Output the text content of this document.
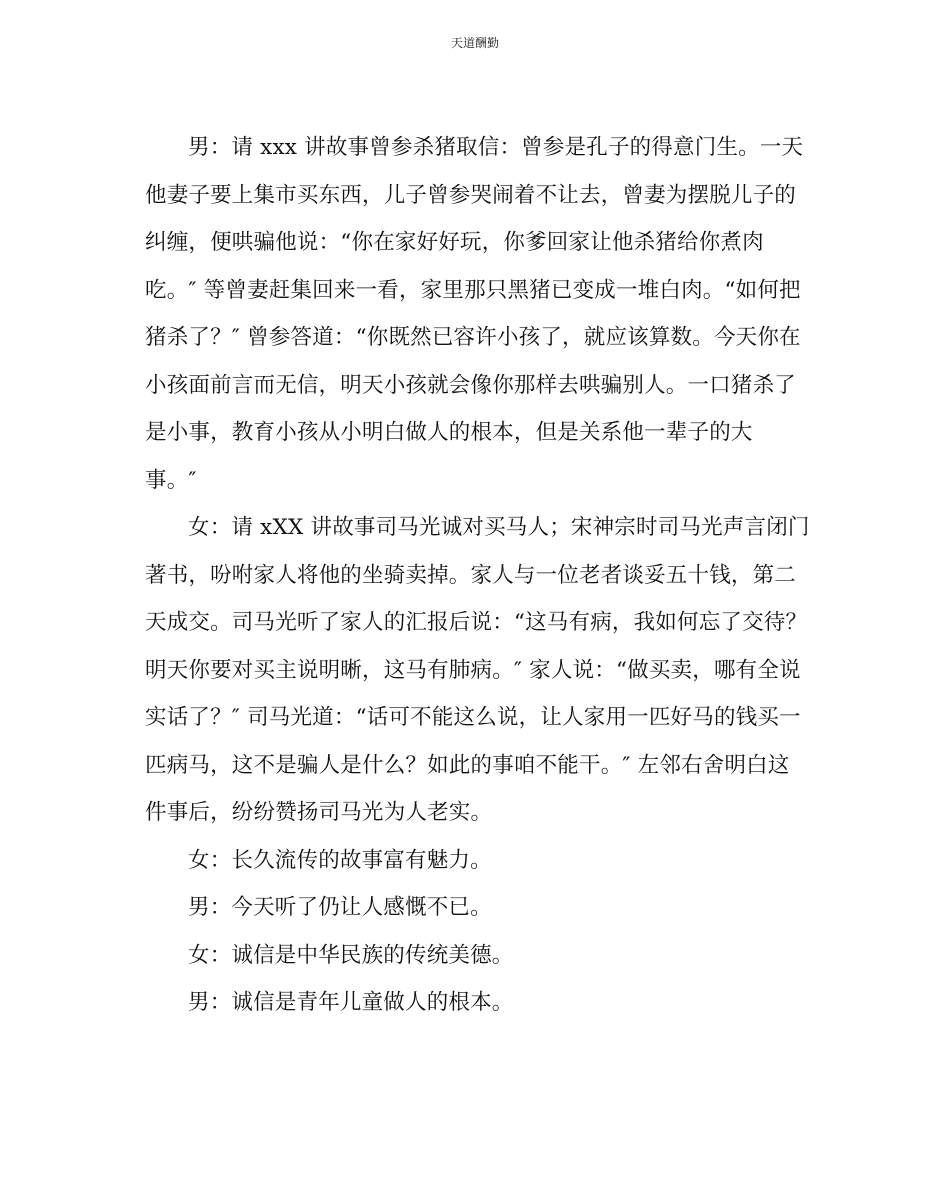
天道酬勤
男：请 xxx 讲故事曾参杀猪取信：曾参是孔子的得意门生。一天
他妻子要上集市买东西，儿子曾参哭闹着不让去，曾妻为摆脱儿子的
纠缠，便哄骗他说：“你在家好好玩，你爹回家让他杀猪给你煮肉
吃。″ 等曾妻赶集回来一看，家里那只黑猪已变成一堆白肉。“如何把
猪杀了？″ 曾参答道：“你既然已容许小孩了，就应该算数。今天你在
小孩面前言而无信，明天小孩就会像你那样去哄骗别人。一口猪杀了
是小事，教育小孩从小明白做人的根本，但是关系他一辈子的大
事。″
女：请 xXX 讲故事司马光诚对买马人；宋神宗时司马光声言闭门
著书，吩咐家人将他的坐骑卖掉。家人与一位老者谈妥五十钱，第二
天成交。司马光听了家人的汇报后说：“这马有病，我如何忘了交待？
明天你要对买主说明晰，这马有肺病。″ 家人说：“做买卖，哪有全说
实话了？″ 司马光道：“话可不能这么说，让人家用一匹好马的钱买一
匹病马，这不是骗人是什么？如此的事咱不能干。″ 左邻右舍明白这
件事后，纷纷赞扬司马光为人老实。
女：长久流传的故事富有魅力。
男：今天听了仍让人感慨不已。
女：诚信是中华民族的传统美德。
男：诚信是青年儿童做人的根本。
